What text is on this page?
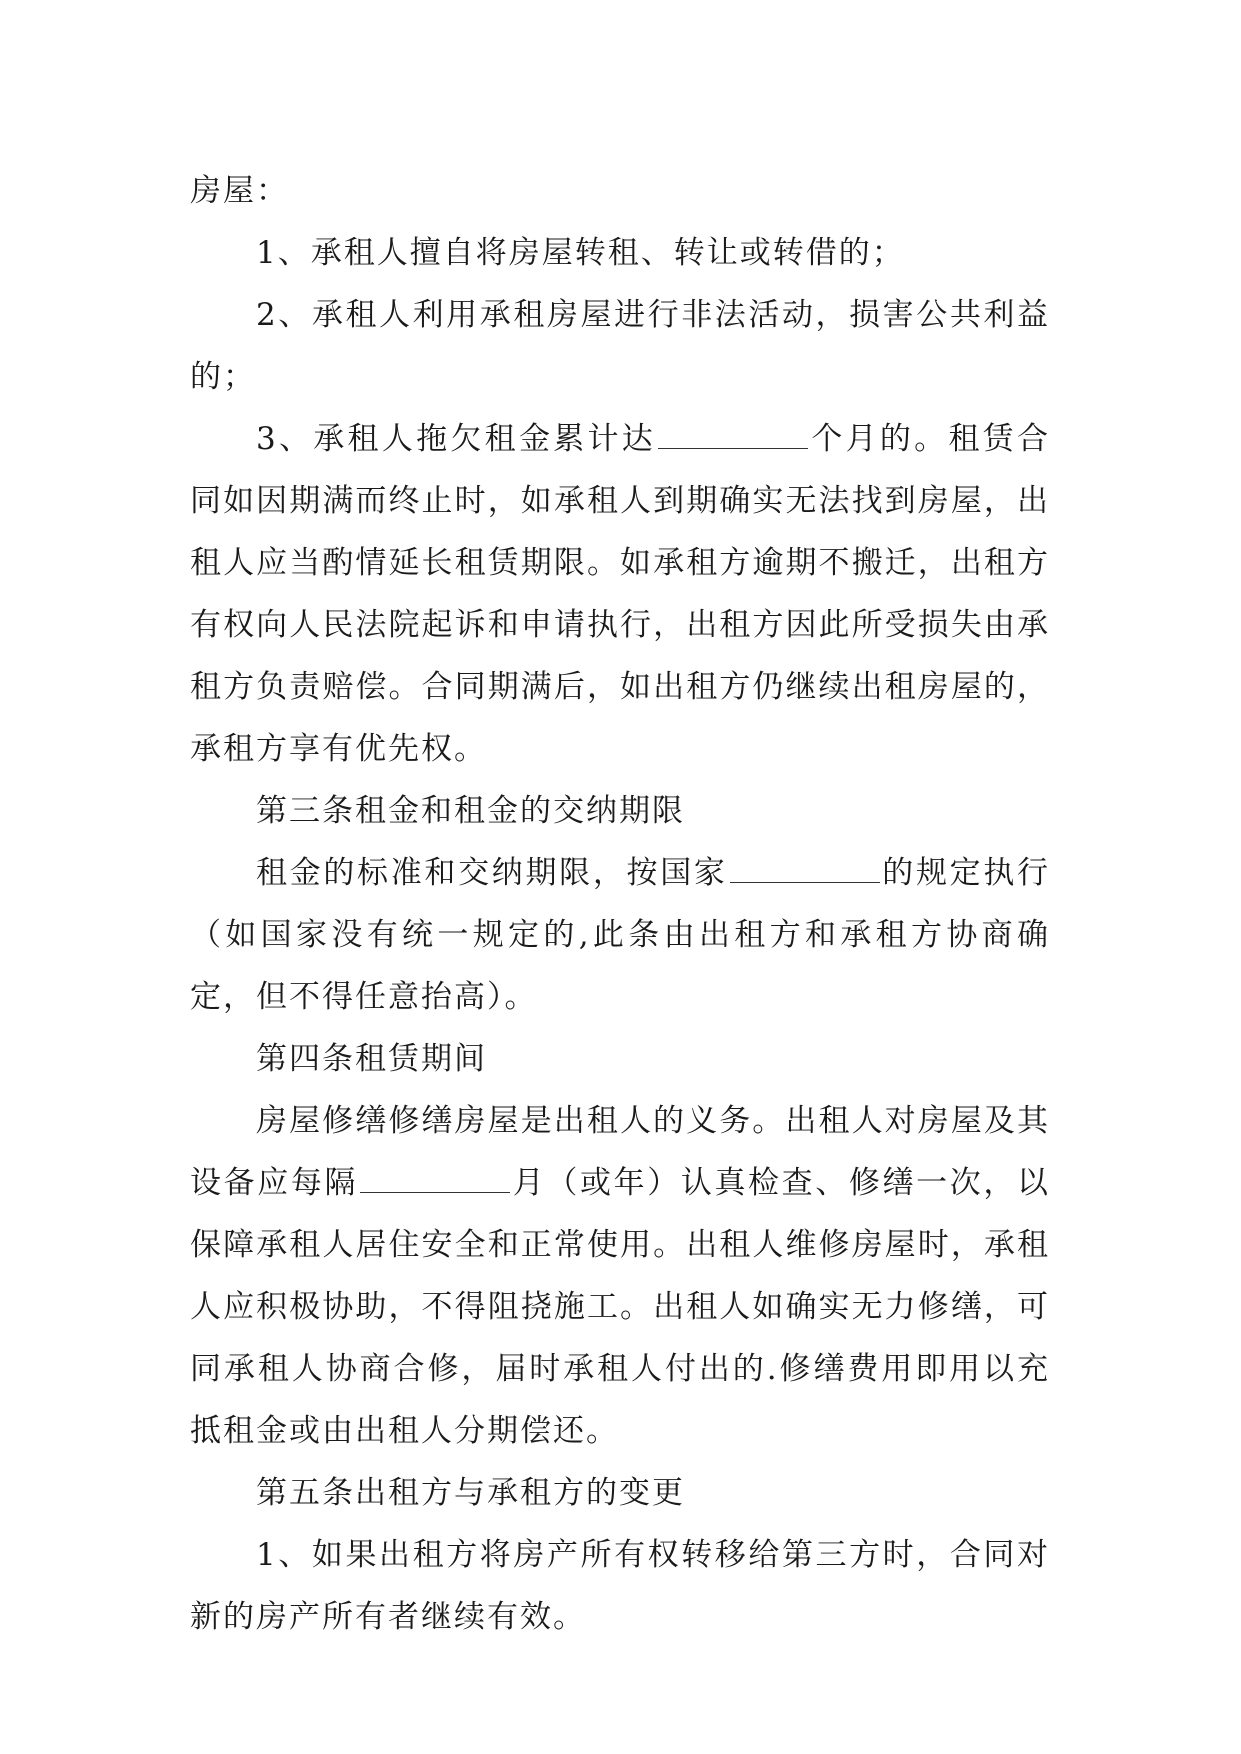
房屋：

1、承租人擅自将房屋转租、转让或转借的；

2、承租人利用承租房屋进行非法活动，损害公共利益的；

3、承租人拖欠租金累计达	个月的。租赁合同如因期满而终止时，如承租人到期确实无法找到房屋，出租人应当酌情延长租赁期限。如承租方逾期不搬迁，出租方有权向人民法院起诉和申请执行，出租方因此所受损失由承租方负责赔偿。合同期满后，如出租方仍继续出租房屋的，承租方享有优先权。

第三条租金和租金的交纳期限

租金的标准和交纳期限，按国家	的规定执行（如国家没有统一规定的,此条由出租方和承租方协商确定，但不得任意抬高）。

第四条租赁期间

房屋修缮修缮房屋是出租人的义务。出租人对房屋及其设备应每隔	月（或年）认真检查、修缮一次，以保障承租人居住安全和正常使用。出租人维修房屋时，承租人应积极协助，不得阻挠施工。出租人如确实无力修缮，可同承租人协商合修，届时承租人付出的.修缮费用即用以充抵租金或由出租人分期偿还。

第五条出租方与承租方的变更

1、如果出租方将房产所有权转移给第三方时，合同对新的房产所有者继续有效。
